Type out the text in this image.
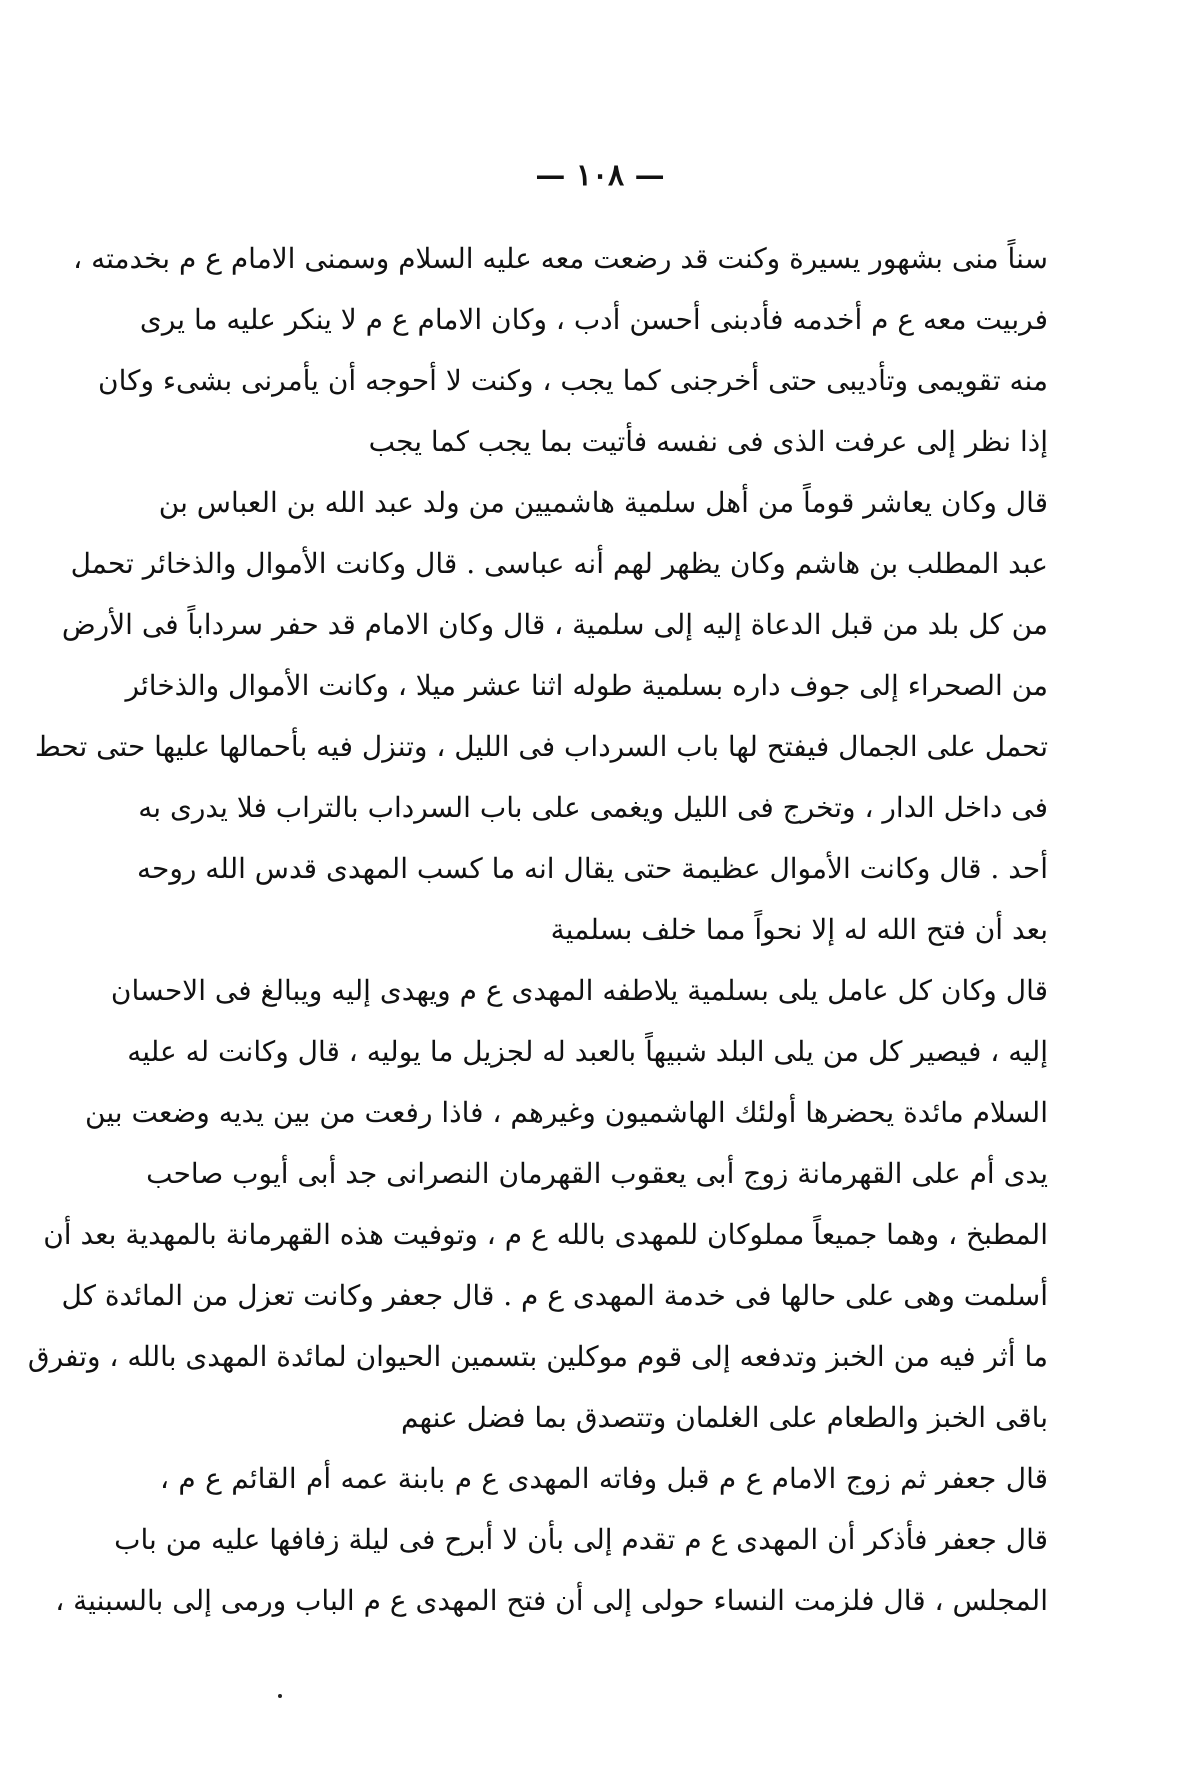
— ١٠٨ —
سناً منى بشهور يسيرة وكنت قد رضعت معه عليه السلام وسمنى الامام ع م بخدمته ،
فربيت معه ع م أخدمه فأدبنى أحسن أدب ، وكان الامام ع م لا ينكر عليه ما يرى
منه تقويمى وتأديبى حتى أخرجنى كما يجب ، وكنت لا أحوجه أن يأمرنى بشىء وكان
إذا نظر إلى عرفت الذى فى نفسه فأتيت بما يجب كما يجب
قال وكان يعاشر قوماً من أهل سلمية هاشميين من ولد عبد الله بن العباس بن
عبد المطلب بن هاشم وكان يظهر لهم أنه عباسى . قال وكانت الأموال والذخائر تحمل
من كل بلد من قبل الدعاة إليه إلى سلمية ، قال وكان الامام قد حفر سرداباً فى الأرض
من الصحراء إلى جوف داره بسلمية طوله اثنا عشر ميلا ، وكانت الأموال والذخائر
تحمل على الجمال فيفتح لها باب السرداب فى الليل ، وتنزل فيه بأحمالها عليها حتى تحط
فى داخل الدار ، وتخرج فى الليل ويغمى على باب السرداب بالتراب فلا يدرى به
أحد . قال وكانت الأموال عظيمة حتى يقال انه ما كسب المهدى قدس الله روحه
بعد أن فتح الله له إلا نحواً مما خلف بسلمية
قال وكان كل عامل يلى بسلمية يلاطفه المهدى ع م ويهدى إليه ويبالغ فى الاحسان
إليه ، فيصير كل من يلى البلد شبيهاً بالعبد له لجزيل ما يوليه ، قال وكانت له عليه
السلام مائدة يحضرها أولئك الهاشميون وغيرهم ، فاذا رفعت من بين يديه وضعت بين
يدى أم على القهرمانة زوج أبى يعقوب القهرمان النصرانى جد أبى أيوب صاحب
المطبخ ، وهما جميعاً مملوكان للمهدى بالله ع م ، وتوفيت هذه القهرمانة بالمهدية بعد أن
أسلمت وهى على حالها فى خدمة المهدى ع م . قال جعفر وكانت تعزل من المائدة كل
ما أثر فيه من الخبز وتدفعه إلى قوم موكلين بتسمين الحيوان لمائدة المهدى بالله ، وتفرق
باقى الخبز والطعام على الغلمان وتتصدق بما فضل عنهم
قال جعفر ثم زوج الامام ع م قبل وفاته المهدى ع م بابنة عمه أم القائم ع م ،
قال جعفر فأذكر أن المهدى ع م تقدم إلى بأن لا أبرح فى ليلة زفافها عليه من باب
المجلس ، قال فلزمت النساء حولى إلى أن فتح المهدى ع م الباب ورمى إلى بالسبنية ،
